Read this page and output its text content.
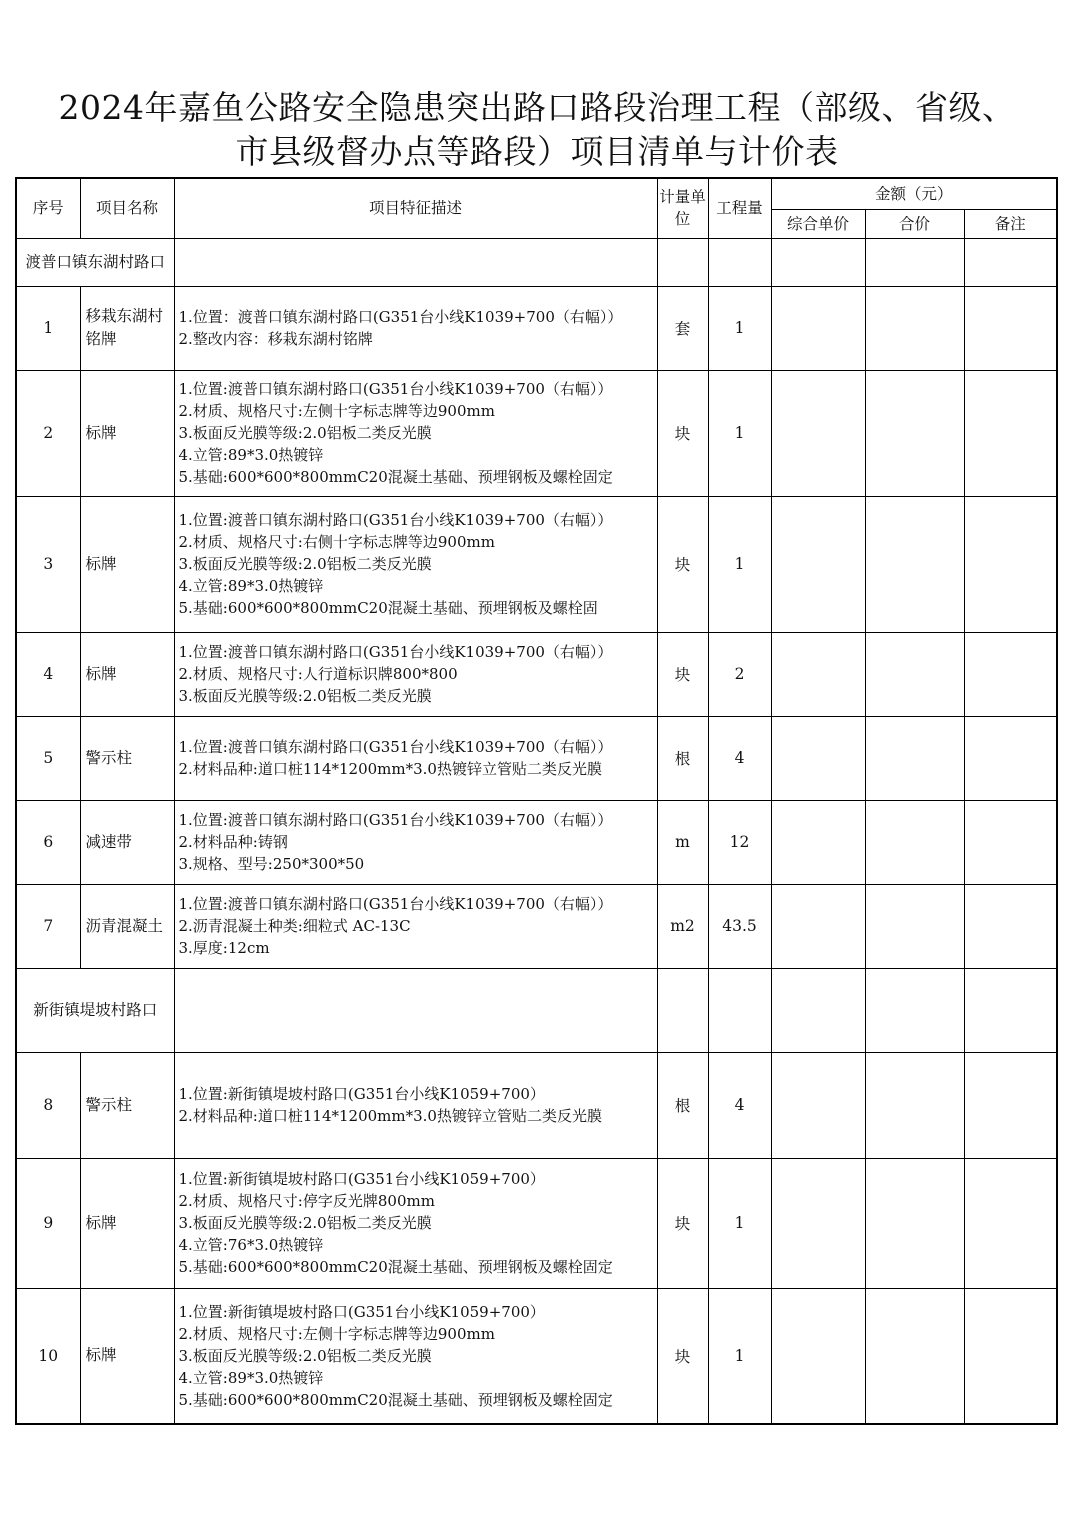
2024年嘉鱼公路安全隐患突出路口路段治理工程（部级、省级、
市县级督办点等路段）项目清单与计价表
序号	项目名称	项目特征描述	计量单位	工程量	金额（元）		
					综合单价	合价	备注
渡普口镇东湖村路口							
1	移栽东湖村铭牌	1.位置：渡普口镇东湖村路口(G351台小线K1039+700（右幅））
2.整改内容：移栽东湖村铭牌	套	1			
2	标牌	1.位置:渡普口镇东湖村路口(G351台小线K1039+700（右幅））
2.材质、规格尺寸:左侧十字标志牌等边900mm
3.板面反光膜等级:2.0铝板二类反光膜
4.立管:89*3.0热镀锌
5.基础:600*600*800mmC20混凝土基础、预埋钢板及螺栓固定	块	1			
3	标牌	1.位置:渡普口镇东湖村路口(G351台小线K1039+700（右幅））
2.材质、规格尺寸:右侧十字标志牌等边900mm
3.板面反光膜等级:2.0铝板二类反光膜
4.立管:89*3.0热镀锌
5.基础:600*600*800mmC20混凝土基础、预埋钢板及螺栓固	块	1			
4	标牌	1.位置:渡普口镇东湖村路口(G351台小线K1039+700（右幅））
2.材质、规格尺寸:人行道标识牌800*800
3.板面反光膜等级:2.0铝板二类反光膜	块	2			
5	警示柱	1.位置:渡普口镇东湖村路口(G351台小线K1039+700（右幅））
2.材料品种:道口桩114*1200mm*3.0热镀锌立管贴二类反光膜	根	4			
6	减速带	1.位置:渡普口镇东湖村路口(G351台小线K1039+700（右幅））
2.材料品种:铸钢
3.规格、型号:250*300*50	m	12			
7	沥青混凝土	1.位置:渡普口镇东湖村路口(G351台小线K1039+700（右幅））
2.沥青混凝土种类:细粒式 AC-13C
3.厚度:12cm	m2	43.5			
新街镇堤坡村路口							
8	警示柱	1.位置:新街镇堤坡村路口(G351台小线K1059+700）
2.材料品种:道口桩114*1200mm*3.0热镀锌立管贴二类反光膜	根	4			
9	标牌	1.位置:新街镇堤坡村路口(G351台小线K1059+700）
2.材质、规格尺寸:停字反光牌800mm
3.板面反光膜等级:2.0铝板二类反光膜
4.立管:76*3.0热镀锌
5.基础:600*600*800mmC20混凝土基础、预埋钢板及螺栓固定	块	1			
10	标牌	1.位置:新街镇堤坡村路口(G351台小线K1059+700）
2.材质、规格尺寸:左侧十字标志牌等边900mm
3.板面反光膜等级:2.0铝板二类反光膜
4.立管:89*3.0热镀锌
5.基础:600*600*800mmC20混凝土基础、预埋钢板及螺栓固定	块	1			
